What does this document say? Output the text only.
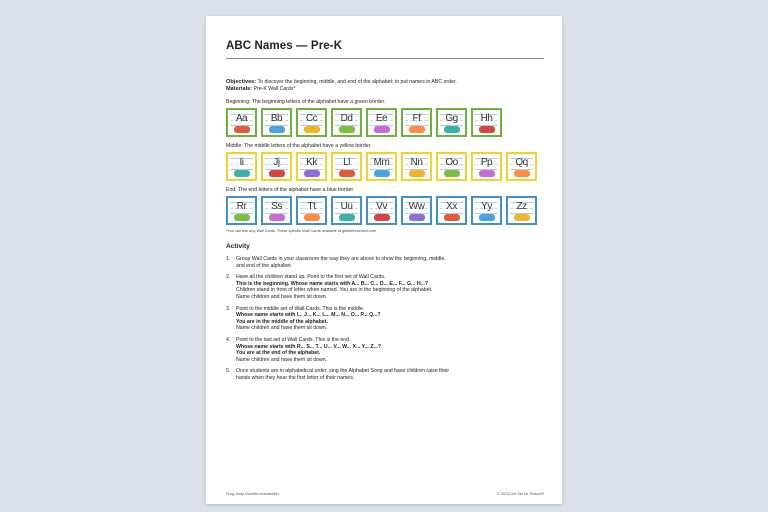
ABC Names — Pre-K
Objectives: To discover the beginning, middle, and end of the alphabet; to put names in ABC order.
Materials: Pre-K Wall Cards*
Beginning: The beginning letters of the alphabet have a green border.
Aa	Bb	Cc	Dd	Ee	Ff	Gg	Hh
Middle: The middle letters of the alphabet have a yellow border.
Ii	Jj	Kk	Ll	Mm	Nn	Oo	Pp	Qq
End: The end letters of the alphabet have a blue border.
Rr	Ss	Tt	Uu	Vv	Ww	Xx	Yy	Zz
*You can use any Wall Cards. These specific Wall Cards available at getsetforschool.com
Activity
1.	Group Wall Cards in your classroom the way they are above to show the beginning, middle,
and end of the alphabet.
2.	Have all the children stand up. Point to the first set of Wall Cards.
This is the beginning. Whose name starts with A... B... C... D... E... F... G... H...?
Children stand in front of letter when named. You are in the beginning of the alphabet.
Name children and have them sit down.
3.	Point to the middle set of Wall Cards. This is the middle.
Whose name starts with I... J... K... L... M... N... O... P... Q...?
You are in the middle of the alphabet.
Name children and have them sit down.
4.	Point to the last set of Wall Cards. This is the end.
Whose name starts with R... S... T... U... V... W... X... Y... Z...?
You are at the end of the alphabet.
Name children and have them sit down.
5.	Once students are in alphabetical order, sing the Alphabet Song and have children raise their
hands when they hear the first letter of their names.
Frog Jump Gazette enewsletter	© 2013 Get Set for School®
